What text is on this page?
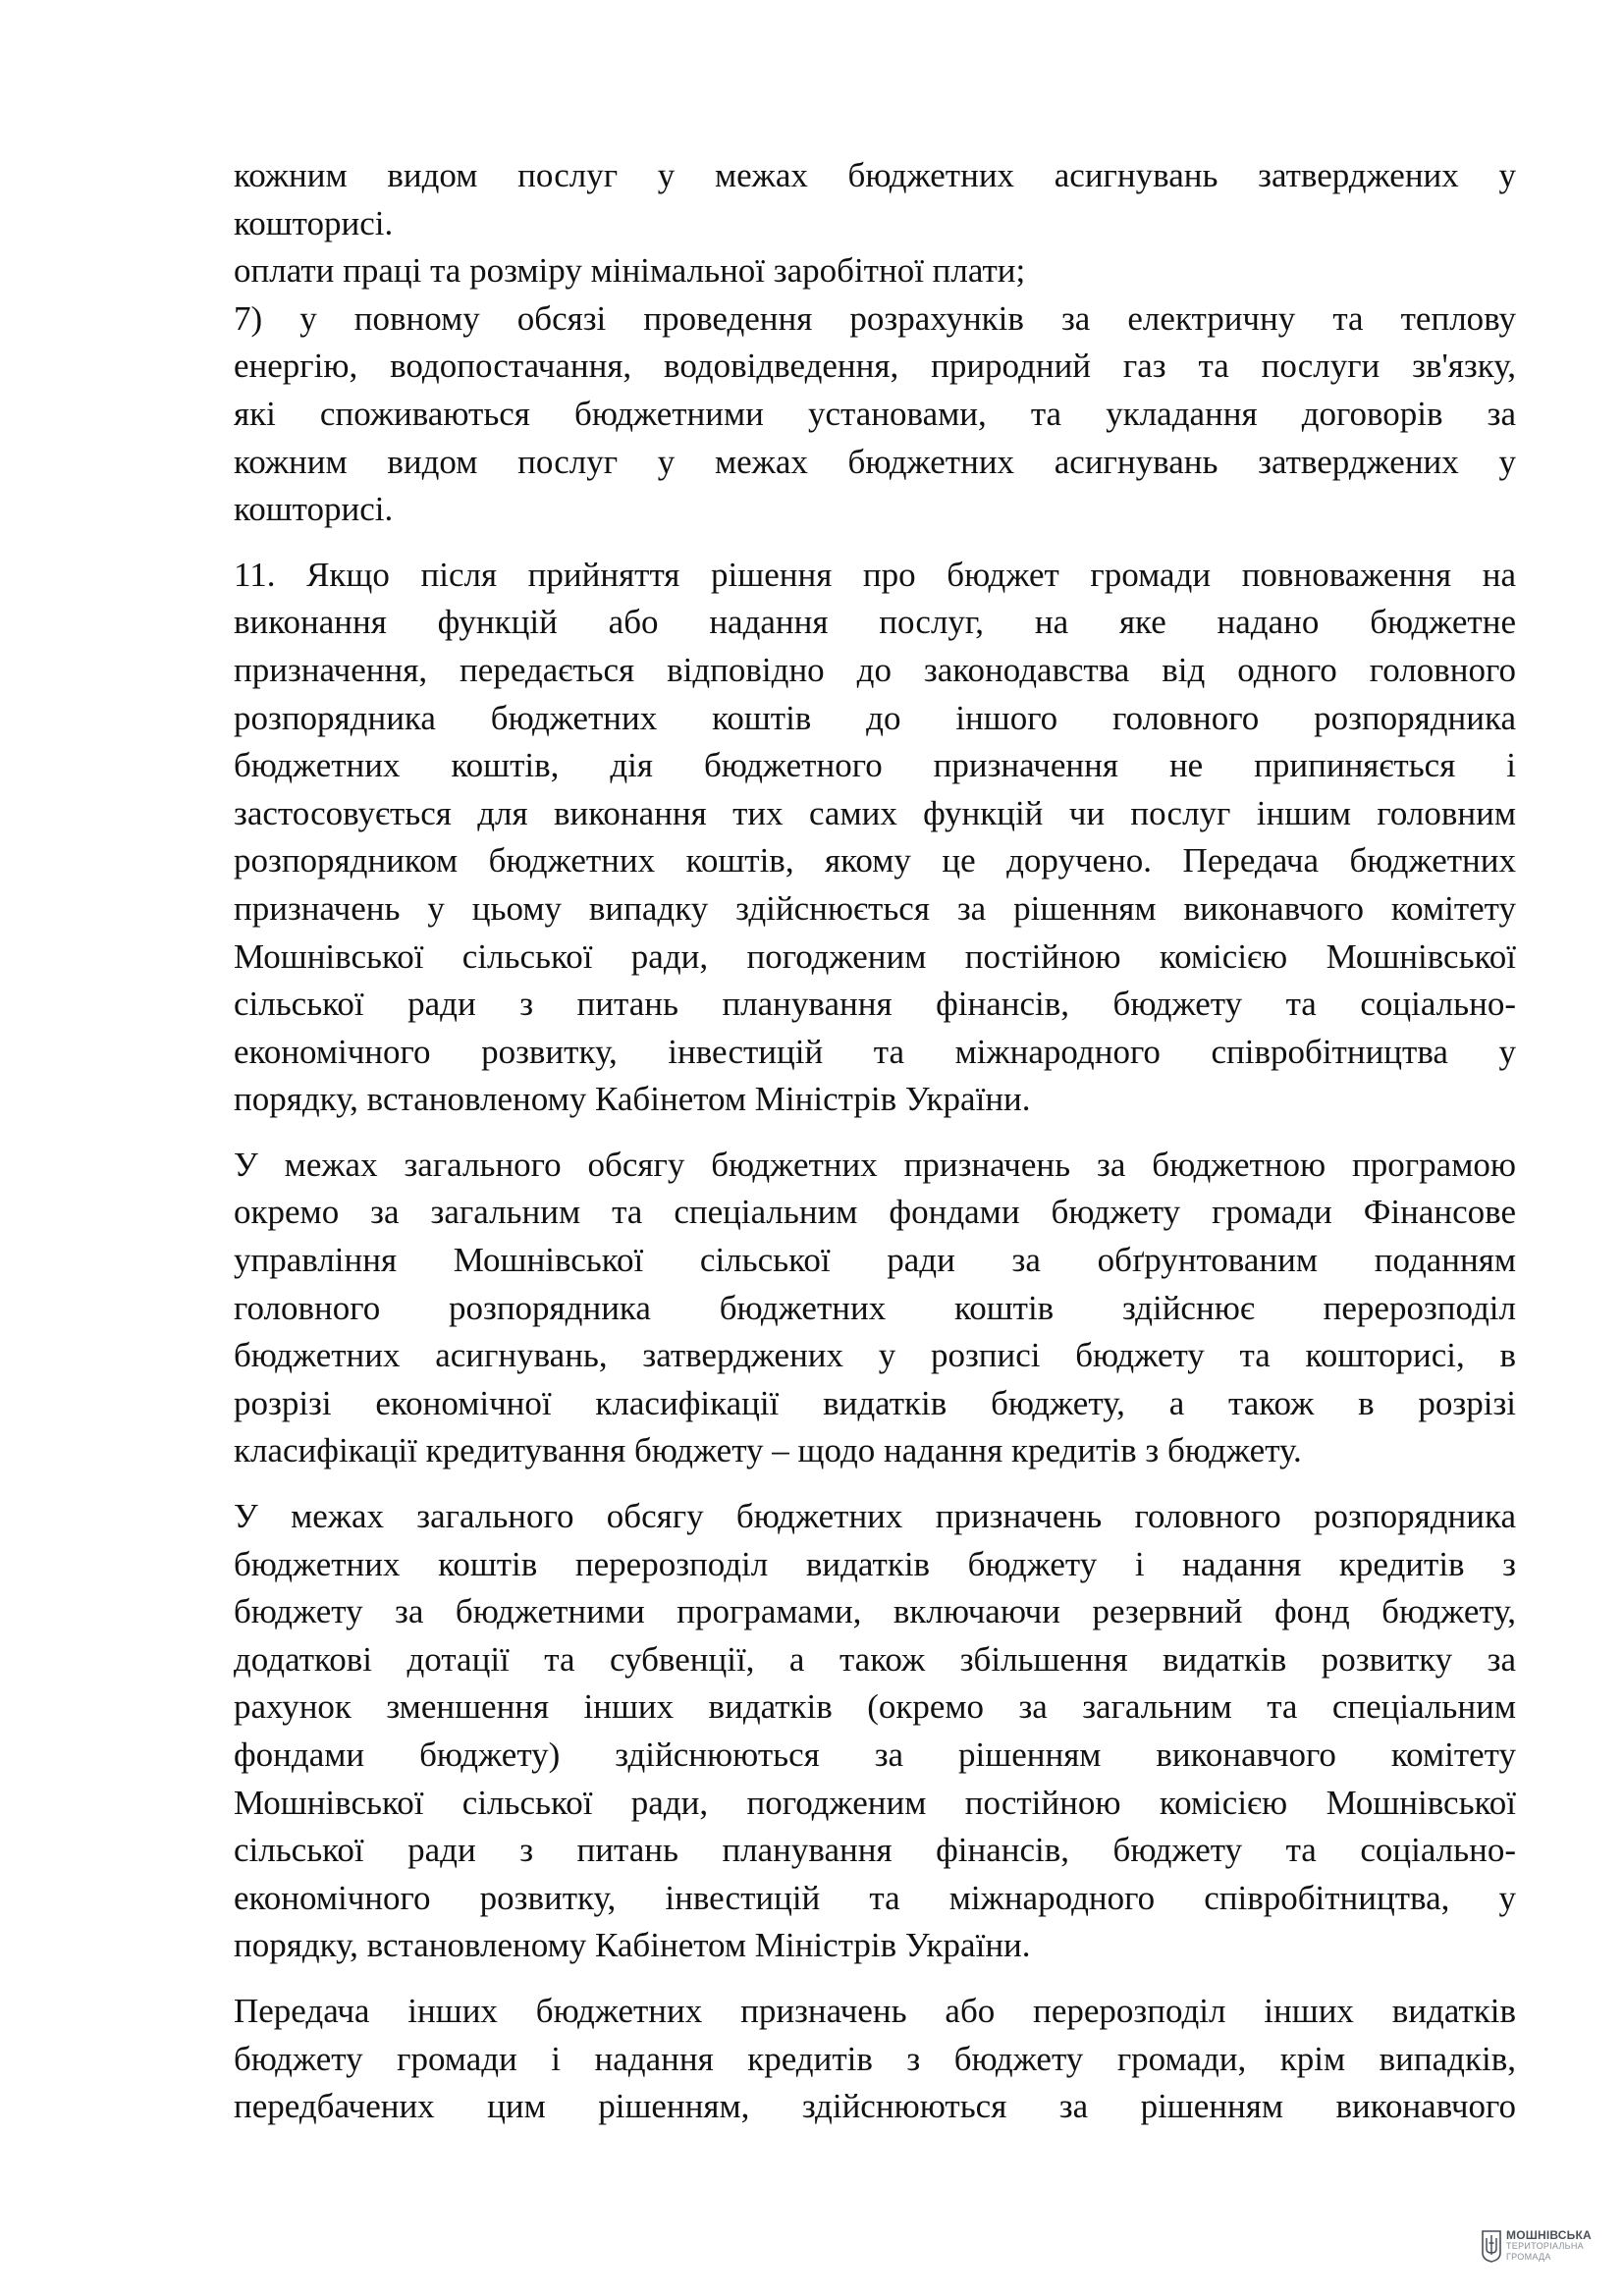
кожним видом послуг у межах бюджетних асигнувань затверджених у
кошторисі.
оплати праці та розміру мінімальної заробітної плати;
7) у повному обсязі проведення розрахунків за електричну та теплову
енергію, водопостачання, водовідведення, природний газ та послуги зв'язку,
які споживаються бюджетними установами, та укладання договорів за
кожним видом послуг у межах бюджетних асигнувань затверджених у
кошторисі.
11. Якщо після прийняття рішення про бюджет громади повноваження на
виконання функцій або надання послуг, на яке надано бюджетне
призначення, передається відповідно до законодавства від одного головного
розпорядника бюджетних коштів до іншого головного розпорядника
бюджетних коштів, дія бюджетного призначення не припиняється і
застосовується для виконання тих самих функцій чи послуг іншим головним
розпорядником бюджетних коштів, якому це доручено. Передача бюджетних
призначень у цьому випадку здійснюється за рішенням виконавчого комітету
Мошнівської сільської ради, погодженим постійною комісією Мошнівської
сільської ради з питань планування фінансів, бюджету та соціально-
економічного розвитку, інвестицій та міжнародного співробітництва у
порядку, встановленому Кабінетом Міністрів України.
У межах загального обсягу бюджетних призначень за бюджетною програмою
окремо за загальним та спеціальним фондами бюджету громади Фінансове
управління Мошнівської сільської ради за обґрунтованим поданням
головного розпорядника бюджетних коштів здійснює перерозподіл
бюджетних асигнувань, затверджених у розписі бюджету та кошторисі, в
розрізі економічної класифікації видатків бюджету, а також в розрізі
класифікації кредитування бюджету – щодо надання кредитів з бюджету.
У межах загального обсягу бюджетних призначень головного розпорядника
бюджетних коштів перерозподіл видатків бюджету і надання кредитів з
бюджету за бюджетними програмами, включаючи резервний фонд бюджету,
додаткові дотації та субвенції, а також збільшення видатків розвитку за
рахунок зменшення інших видатків (окремо за загальним та спеціальним
фондами бюджету) здійснюються за рішенням виконавчого комітету
Мошнівської сільської ради, погодженим постійною комісією Мошнівської
сільської ради з питань планування фінансів, бюджету та соціально-
економічного розвитку, інвестицій та міжнародного співробітництва, у
порядку, встановленому Кабінетом Міністрів України.
Передача інших бюджетних призначень або перерозподіл інших видатків
бюджету громади і надання кредитів з бюджету громади, крім випадків,
передбачених цим рішенням, здійснюються за рішенням виконавчого
МОШНІВСЬКА
ТЕРИТОРІАЛЬНА
ГРОМАДА
